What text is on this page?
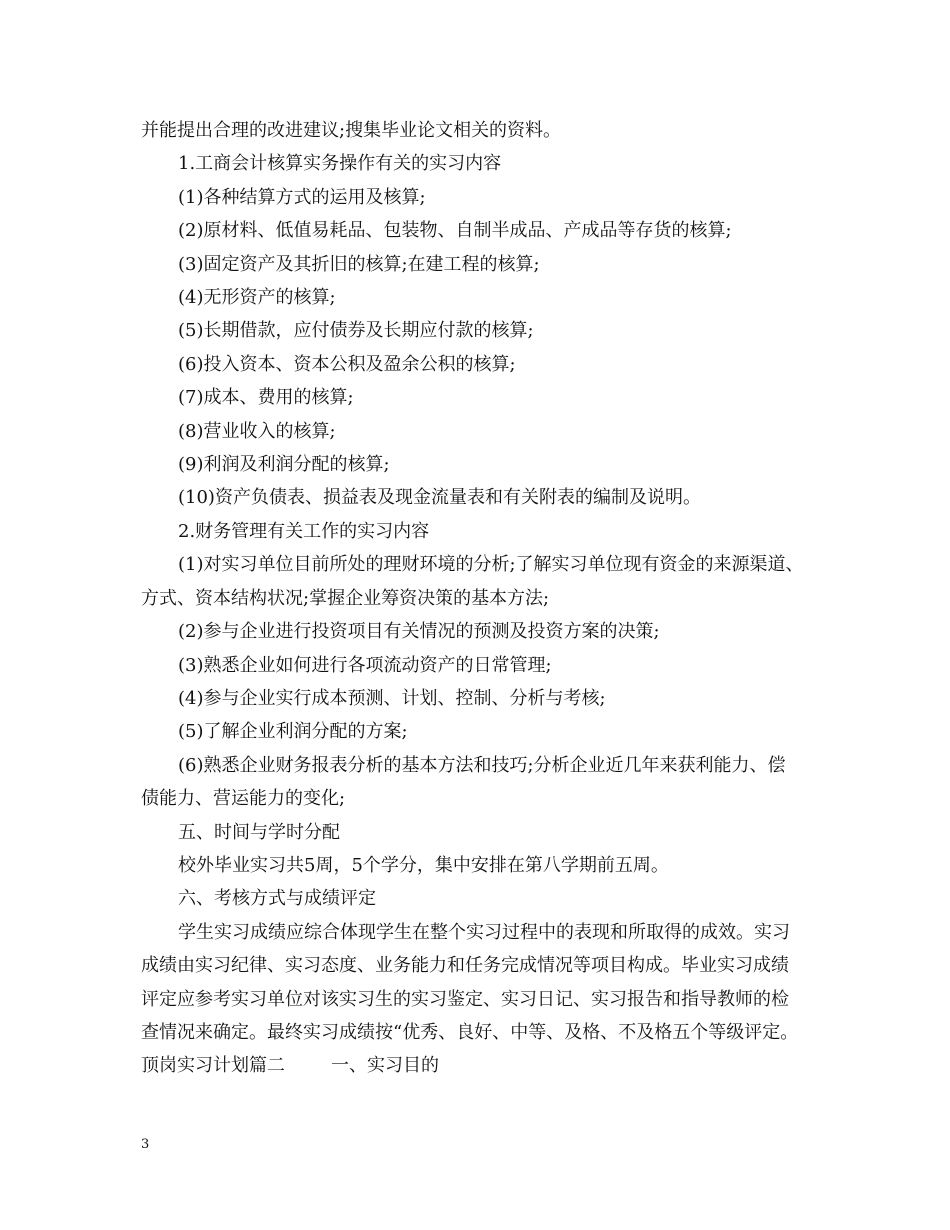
并能提出合理的改进建议;搜集毕业论文相关的资料。

1.工商会计核算实务操作有关的实习内容

(1)各种结算方式的运用及核算;

(2)原材料、低值易耗品、包装物、自制半成品、产成品等存货的核算;

(3)固定资产及其折旧的核算;在建工程的核算;

(4)无形资产的核算;

(5)长期借款，应付债券及长期应付款的核算;

(6)投入资本、资本公积及盈余公积的核算;

(7)成本、费用的核算;

(8)营业收入的核算;

(9)利润及利润分配的核算;

(10)资产负债表、损益表及现金流量表和有关附表的编制及说明。

2.财务管理有关工作的实习内容

(1)对实习单位目前所处的理财环境的分析;了解实习单位现有资金的来源渠道、

方式、资本结构状况;掌握企业筹资决策的基本方法;

(2)参与企业进行投资项目有关情况的预测及投资方案的决策;

(3)熟悉企业如何进行各项流动资产的日常管理;

(4)参与企业实行成本预测、计划、控制、分析与考核;

(5)了解企业利润分配的方案;

(6)熟悉企业财务报表分析的基本方法和技巧;分析企业近几年来获利能力、偿

债能力、营运能力的变化;

五、时间与学时分配

校外毕业实习共5周，5个学分，集中安排在第八学期前五周。

六、考核方式与成绩评定

学生实习成绩应综合体现学生在整个实习过程中的表现和所取得的成效。实习

成绩由实习纪律、实习态度、业务能力和任务完成情况等项目构成。毕业实习成绩

评定应参考实习单位对该实习生的实习鉴定、实习日记、实习报告和指导教师的检

查情况来确定。最终实习成绩按“优秀、良好、中等、及格、不及格五个等级评定。

顶岗实习计划篇二	一、实习目的

3
